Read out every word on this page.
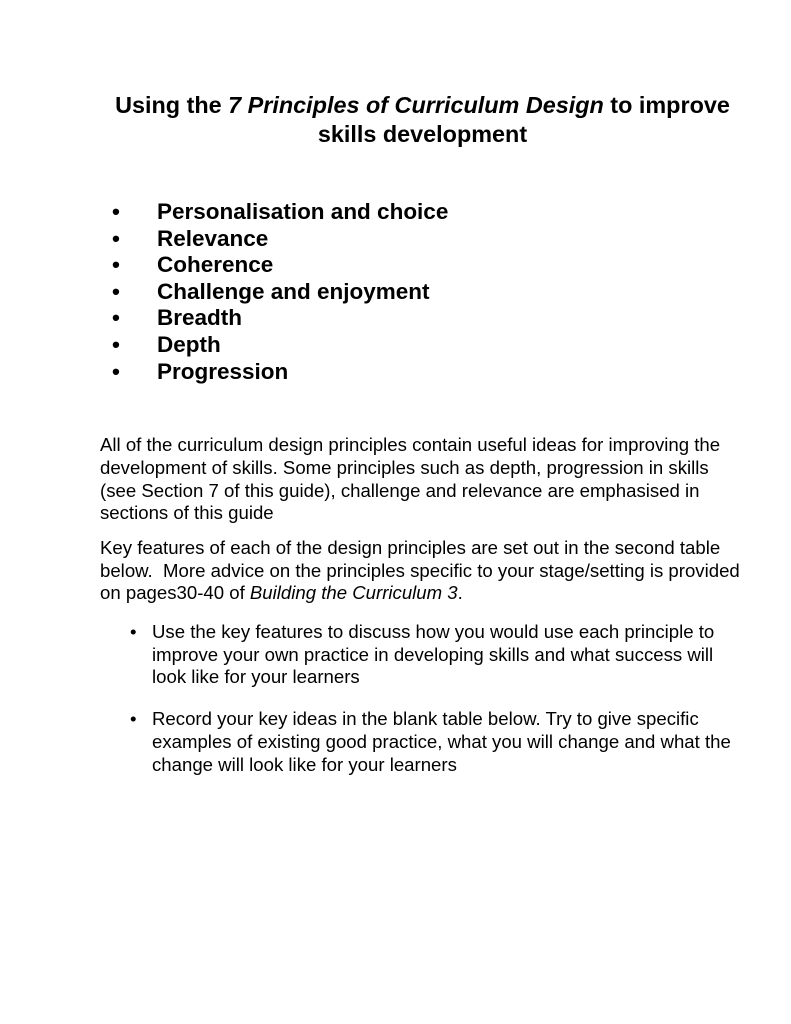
Using the 7 Principles of Curriculum Design to improve skills development
• Personalisation and choice
• Relevance
• Coherence
• Challenge and enjoyment
• Breadth
• Depth
• Progression

All of the curriculum design principles contain useful ideas for improving the development of skills. Some principles such as depth, progression in skills (see Section 7 of this guide), challenge and relevance are emphasised in sections of this guide

Key features of each of the design principles are set out in the second table below.  More advice on the principles specific to your stage/setting is provided on pages30-40 of Building the Curriculum 3.

• Use the key features to discuss how you would use each principle to improve your own practice in developing skills and what success will look like for your learners
• Record your key ideas in the blank table below. Try to give specific examples of existing good practice, what you will change and what the change will look like for your learners
